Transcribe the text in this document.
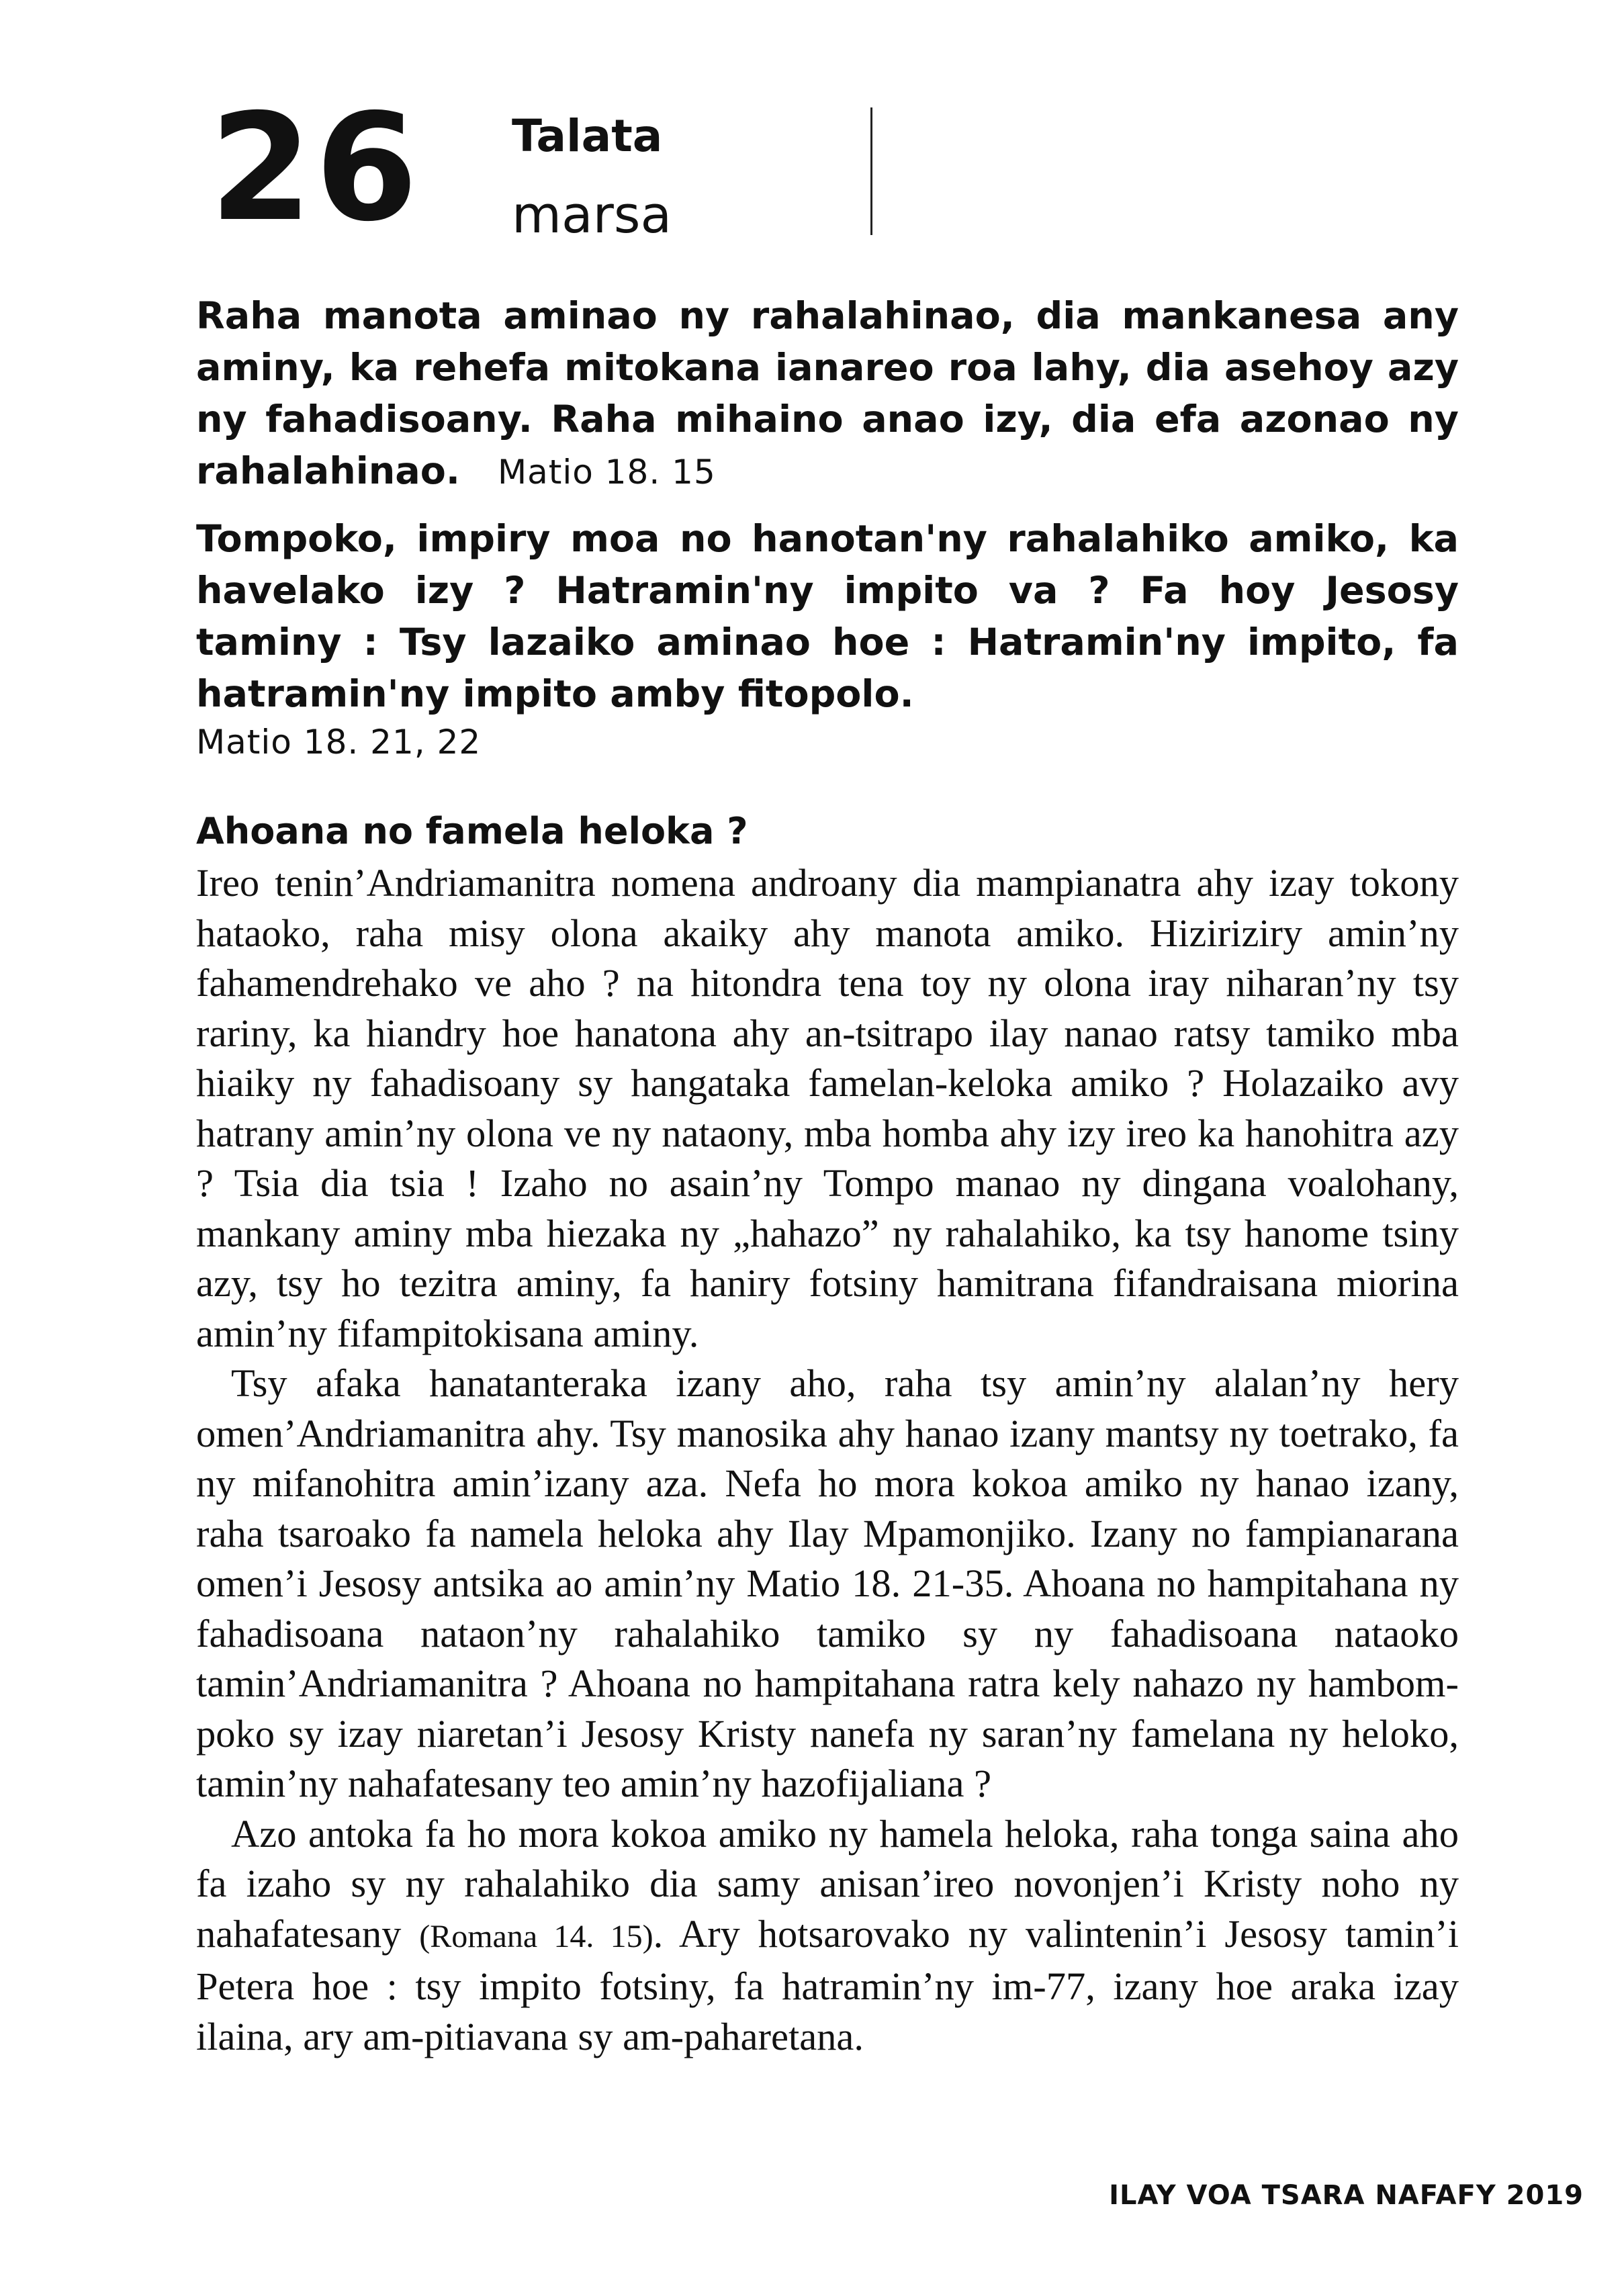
26 Talata
marsa

Raha manota aminao ny rahalahinao, dia mankanesa any aminy, ka rehefa mitokana ianareo roa lahy, dia asehoy azy ny fahadisoany. Raha mihaino anao izy, dia efa azonao ny rahalahinao. Matio 18. 15

Tompoko, impiry moa no hanotan'ny rahalahiko amiko, ka havelako izy ? Hatramin'ny impito va ? Fa hoy Jesosy taminy : Tsy lazaiko aminao hoe : Hatramin'ny impito, fa hatramin'ny impito amby fitopolo.

Matio 18. 21, 22

Ahoana no famela heloka ?

Ireo tenin’Andriamanitra nomena androany dia mampianatra ahy izay tokony hataoko, raha misy olona akaiky ahy manota amiko. Hiziriziry amin’ny fahamendrehako ve aho ? na hitondra tena toy ny olona iray niharan’ny tsy rariny, ka hiandry hoe hanatona ahy an-tsitrapo ilay nanao ratsy tamiko mba hiaiky ny fahadisoany sy hangataka famelan-keloka amiko ? Holazaiko avy hatrany amin’ny olona ve ny nataony, mba homba ahy izy ireo ka hanohitra azy ? Tsia dia tsia ! Izaho no asain’ny Tompo manao ny dingana voalohany, mankany aminy mba hiezaka ny „hahazo” ny rahalahiko, ka tsy hanome tsiny azy, tsy ho tezitra aminy, fa haniry fotsiny hamitrana fifandraisana miorina amin’ny fifampitokisana aminy.

Tsy afaka hanatanteraka izany aho, raha tsy amin’ny alalan’ny hery omen’Andriamanitra ahy. Tsy manosika ahy hanao izany mantsy ny toetrako, fa ny mifanohitra amin’izany aza. Nefa ho mora kokoa amiko ny hanao izany, raha tsaroako fa namela heloka ahy Ilay Mpamonjiko. Izany no fampianarana omen’i Jesosy antsika ao amin’ny Matio 18. 21-35. Ahoana no hampitahana ny fahadisoana nataon’ny rahalahiko tamiko sy ny fahadisoana nataoko tamin’Andriamanitra ? Ahoana no hampitahana ratra kely nahazo ny hambom-poko sy izay niaretan’i Jesosy Kristy nanefa ny saran’ny famelana ny heloko, tamin’ny nahafatesany teo amin’ny hazofijaliana ?

Azo antoka fa ho mora kokoa amiko ny hamela heloka, raha tonga saina aho fa izaho sy ny rahalahiko dia samy anisan’ireo novonjen’i Kristy noho ny nahafatesany (Romana 14. 15). Ary hotsarovako ny valintenin’i Jesosy tamin’i Petera hoe : tsy impito fotsiny, fa hatramin’ny im-77, izany hoe araka izay ilaina, ary am-pitiavana sy am-paharetana.

ILAY VOA TSARA NAFAFY 2019
